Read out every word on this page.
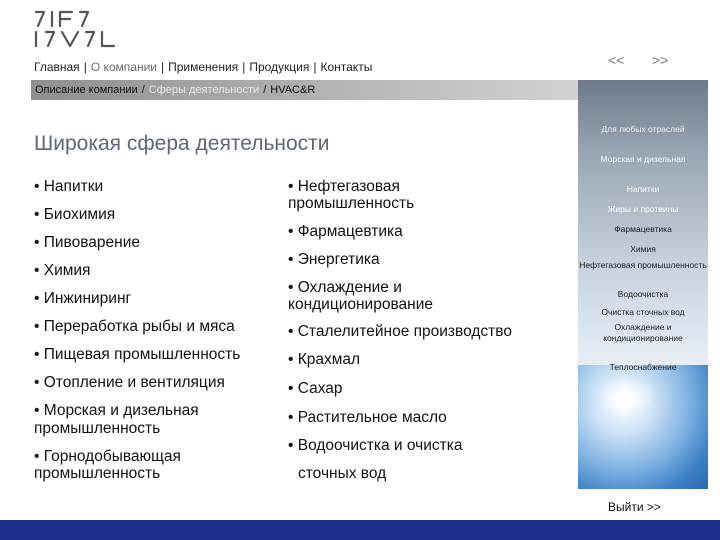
Главная | О компании | Применения | Продукция | Контакты	<< >>
Описание компании / Сферы деятельности / HVAC&R
Широкая сфера деятельности
• Напитки
• Биохимия
• Пивоварение
• Химия
• Инжиниринг
• Переработка рыбы и мяса
• Пищевая промышленность
• Отопление и вентиляция
• Морская и дизельная
промышленность
• Горнодобывающая
промышленность
• Нефтегазовая
промышленность
• Фармацевтика
• Энергетика
• Охлаждение и
кондиционирование
• Сталелитейное производство
• Крахмал
• Сахар
• Растительное масло
• Водоочистка и очистка
сточных вод
Для любых отраслей
Морская и дизельная
Напитки
Жиры и протеины
Фармацевтика
Химия
Нефтегазовая промышленность
Водоочистка
Очистка сточных вод
Охлаждение и кондиционирование
Теплоснабжение
Выйти >>
